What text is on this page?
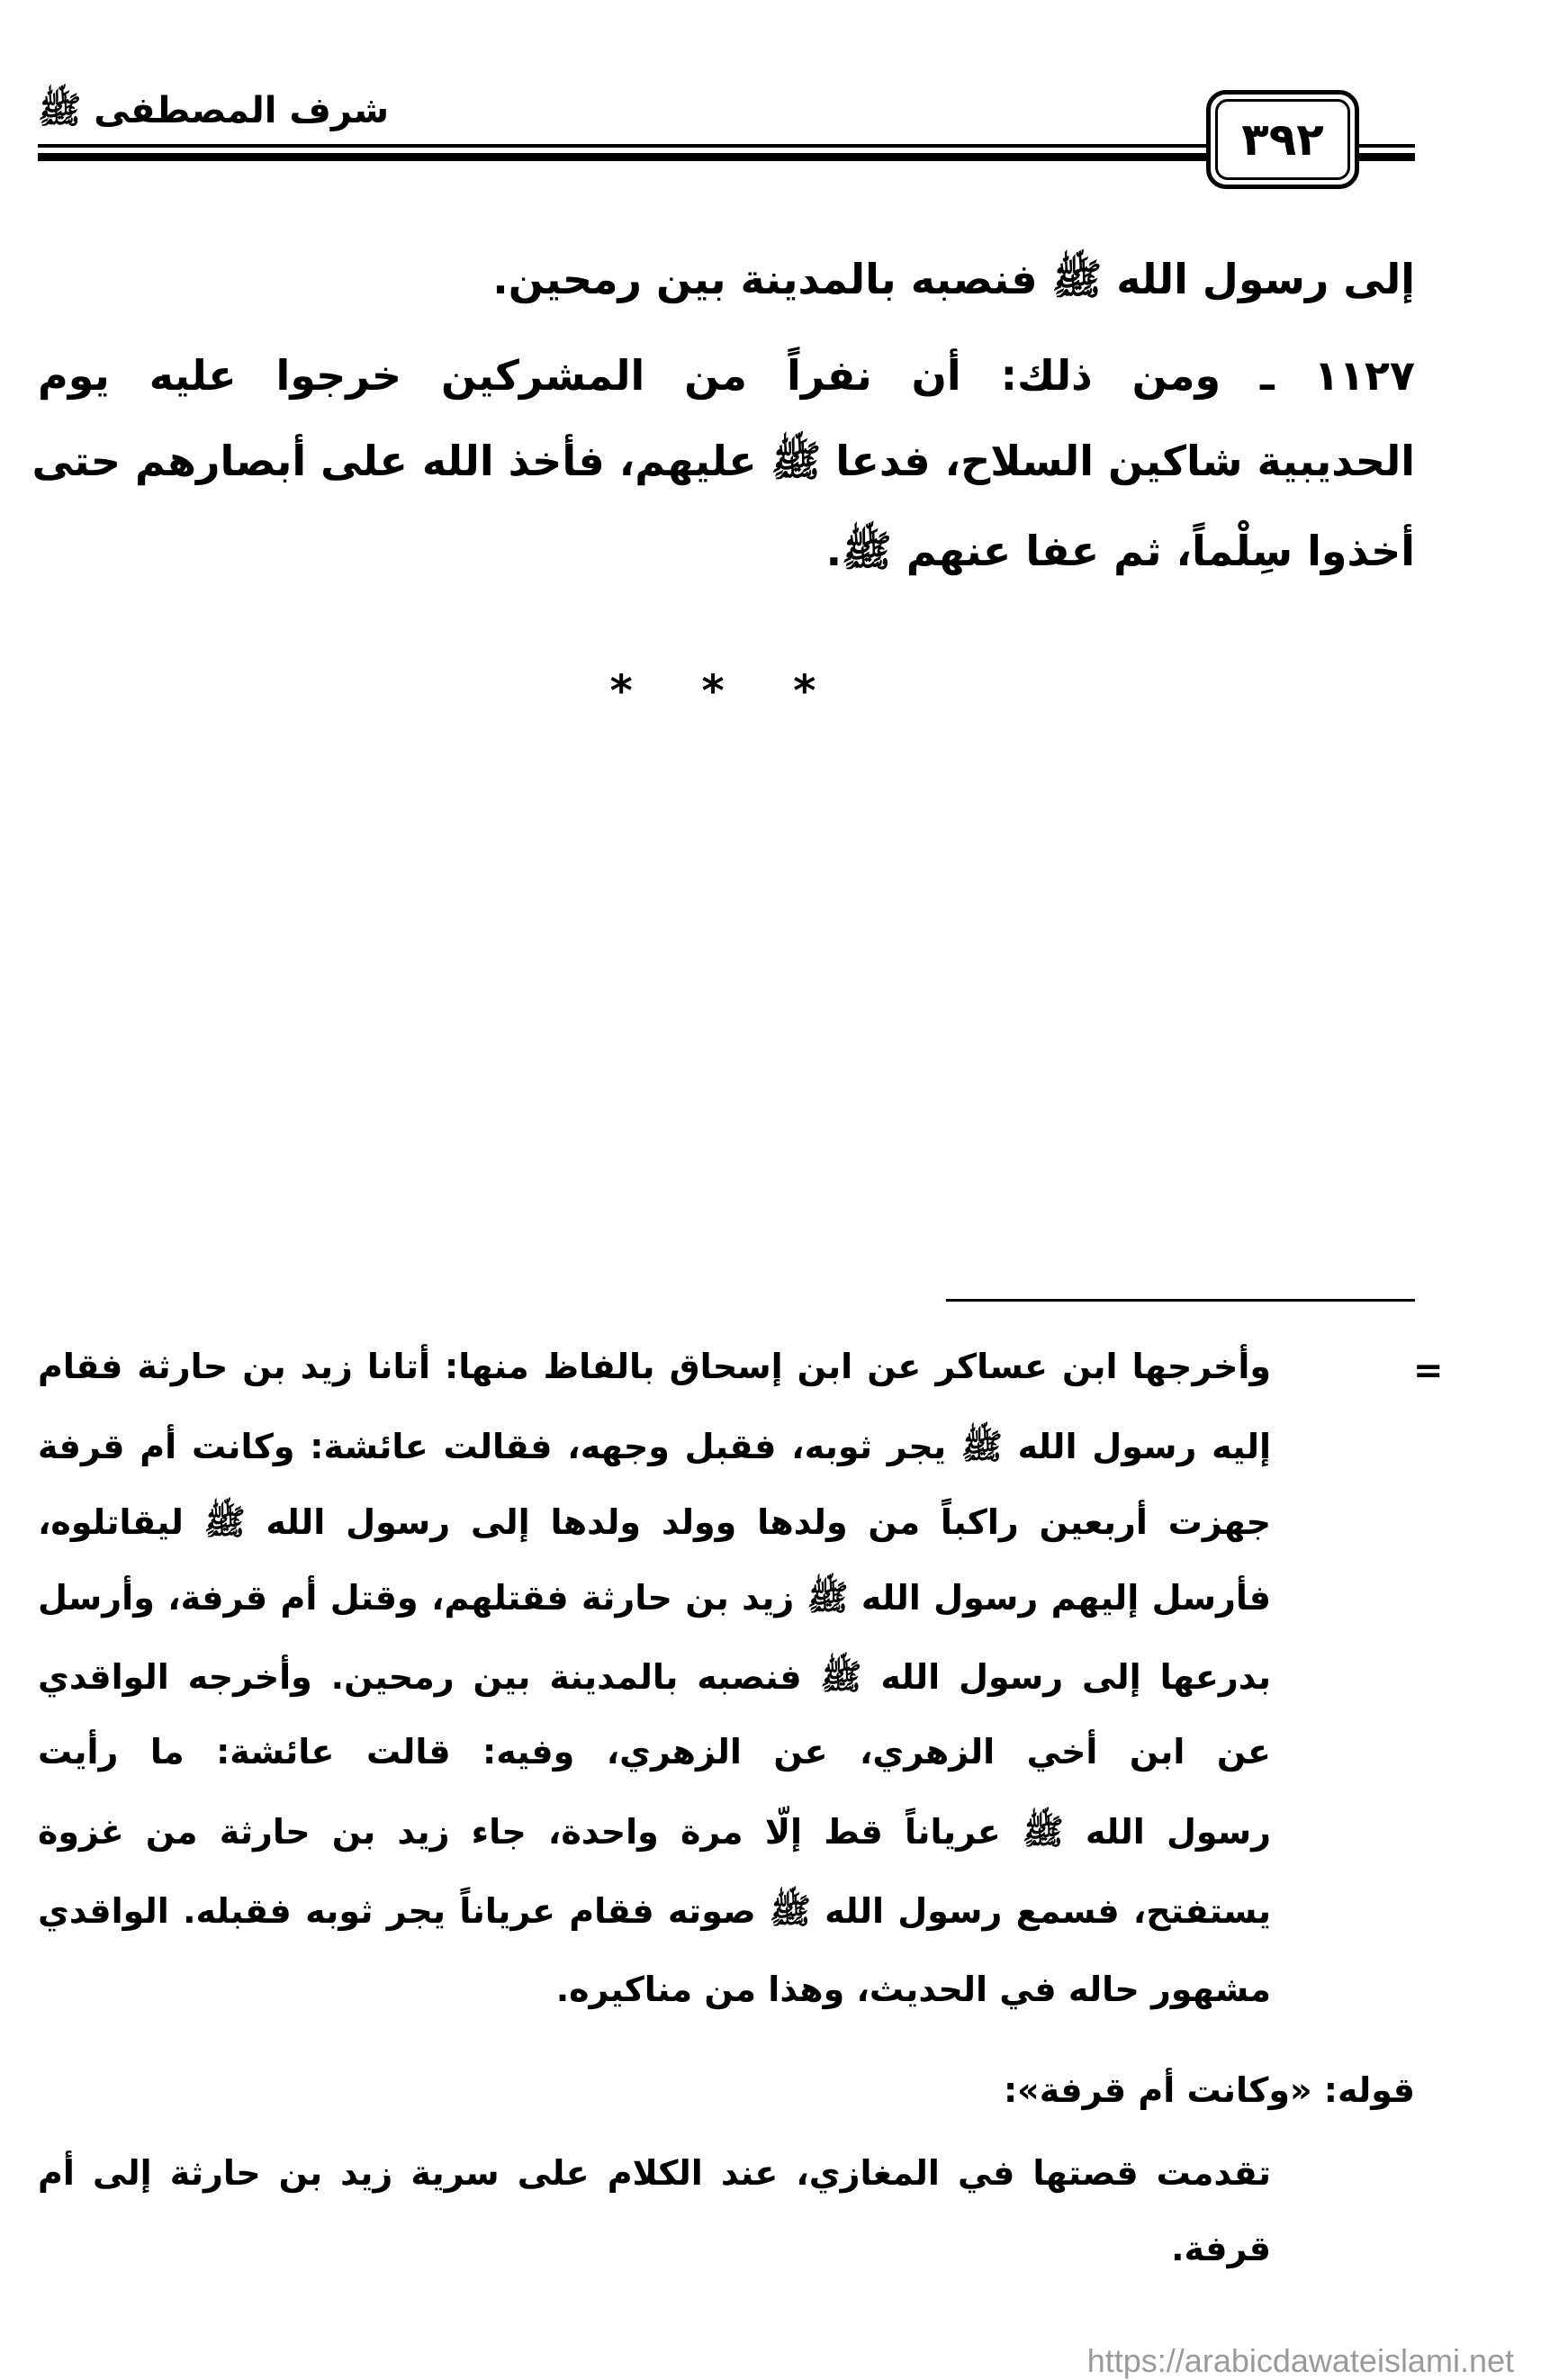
شرف المصطفى ﷺ
٣٩٢
إلى رسول الله ﷺ فنصبه بالمدينة بين رمحين.
١١٢٧ ـ ومن ذلك: أن نفراً من المشركين خرجوا عليه يوم
الحديبية شاكين السلاح، فدعا ﷺ عليهم، فأخذ الله على أبصارهم حتى
أخذوا سِلْماً، ثم عفا عنهم ﷺ.
* * *
=
وأخرجها ابن عساكر عن ابن إسحاق بالفاظ منها: أتانا زيد بن حارثة فقام
إليه رسول الله ﷺ يجر ثوبه، فقبل وجهه، فقالت عائشة: وكانت أم قرفة
جهزت أربعين راكباً من ولدها وولد ولدها إلى رسول الله ﷺ ليقاتلوه،
فأرسل إليهم رسول الله ﷺ زيد بن حارثة فقتلهم، وقتل أم قرفة، وأرسل
بدرعها إلى رسول الله ﷺ فنصبه بالمدينة بين رمحين. وأخرجه الواقدي
عن ابن أخي الزهري، عن الزهري، وفيه: قالت عائشة: ما رأيت
رسول الله ﷺ عرياناً قط إلّا مرة واحدة، جاء زيد بن حارثة من غزوة
يستفتح، فسمع رسول الله ﷺ صوته فقام عرياناً يجر ثوبه فقبله. الواقدي
مشهور حاله في الحديث، وهذا من مناكيره.
قوله: «وكانت أم قرفة»:
تقدمت قصتها في المغازي، عند الكلام على سرية زيد بن حارثة إلى أم
قرفة.
https://arabicdawateislami.net
